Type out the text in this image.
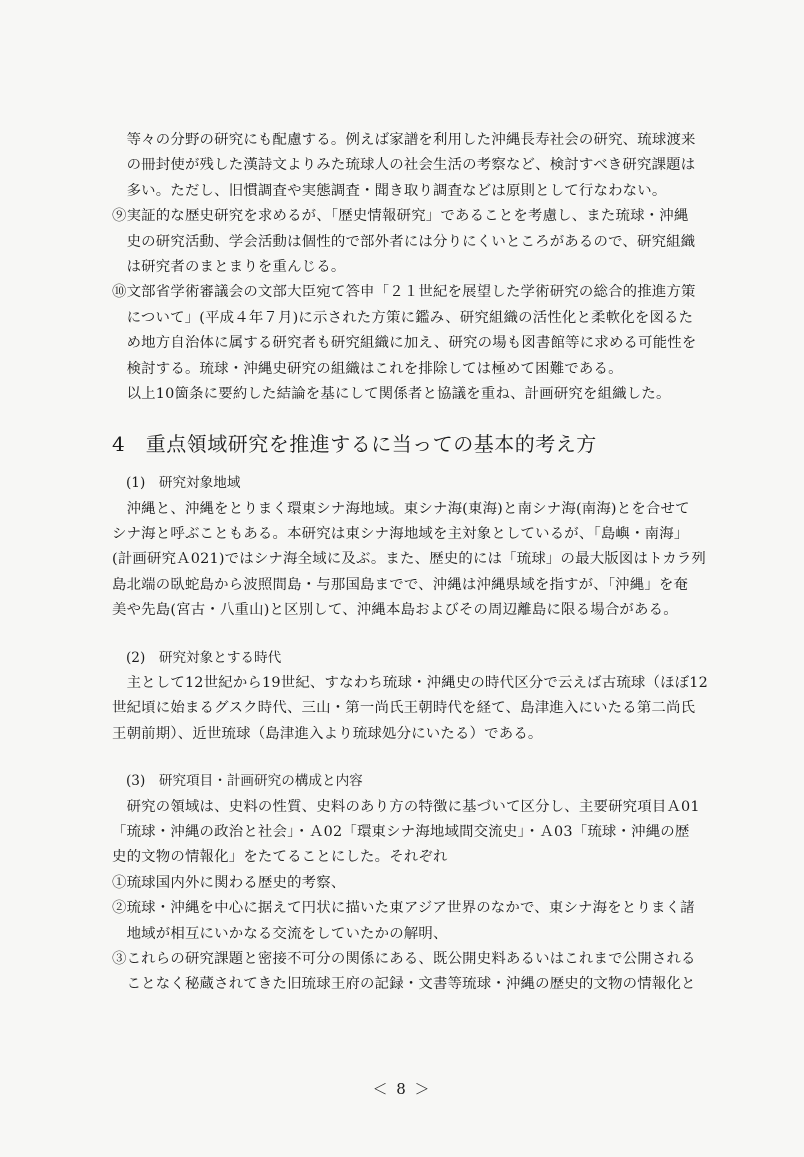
　等々の分野の研究にも配慮する。例えば家譜を利用した沖縄長寿社会の研究、琉球渡来
　の冊封使が残した漢詩文よりみた琉球人の社会生活の考察など、検討すべき研究課題は
　多い。ただし、旧慣調査や実態調査・聞き取り調査などは原則として行なわない。
⑨実証的な歴史研究を求めるが、「歴史情報研究」であることを考慮し、また琉球・沖縄
　史の研究活動、学会活動は個性的で部外者には分りにくいところがあるので、研究組織
　は研究者のまとまりを重んじる。
⑩文部省学術審議会の文部大臣宛て答申「２１世紀を展望した学術研究の総合的推進方策
　について」(平成４年７月)に示された方策に鑑み、研究組織の活性化と柔軟化を図るた
　め地方自治体に属する研究者も研究組織に加え、研究の場も図書館等に求める可能性を
　検討する。琉球・沖縄史研究の組織はこれを排除しては極めて困難である。
　以上10箇条に要約した結論を基にして関係者と協議を重ね、計画研究を組織した。
4　重点領域研究を推進するに当っての基本的考え方
(1)　研究対象地域
　沖縄と、沖縄をとりまく環東シナ海地域。東シナ海(東海)と南シナ海(南海)とを合せて
シナ海と呼ぶこともある。本研究は東シナ海地域を主対象としているが、「島嶼・南海」
(計画研究Ａ021)ではシナ海全域に及ぶ。また、歴史的には「琉球」の最大版図はトカラ列
島北端の臥蛇島から波照間島・与那国島までで、沖縄は沖縄県域を指すが、「沖縄」を奄
美や先島(宮古・八重山)と区別して、沖縄本島およびその周辺離島に限る場合がある。
(2)　研究対象とする時代
　主として12世紀から19世紀、すなわち琉球・沖縄史の時代区分で云えば古琉球（ほぼ12
世紀頃に始まるグスク時代、三山・第一尚氏王朝時代を経て、島津進入にいたる第二尚氏
王朝前期）、近世琉球（島津進入より琉球処分にいたる）である。
(3)　研究項目・計画研究の構成と内容
　研究の領域は、史料の性質、史料のあり方の特徴に基づいて区分し、主要研究項目Ａ01
「琉球・沖縄の政治と社会」・Ａ02「環東シナ海地域間交流史」・Ａ03「琉球・沖縄の歴
史的文物の情報化」をたてることにした。それぞれ
①琉球国内外に関わる歴史的考察、
②琉球・沖縄を中心に据えて円状に描いた東アジア世界のなかで、東シナ海をとりまく諸
　地域が相互にいかなる交流をしていたかの解明、
③これらの研究課題と密接不可分の関係にある、既公開史料あるいはこれまで公開される
　ことなく秘蔵されてきた旧琉球王府の記録・文書等琉球・沖縄の歴史的文物の情報化と
＜ 8 ＞
